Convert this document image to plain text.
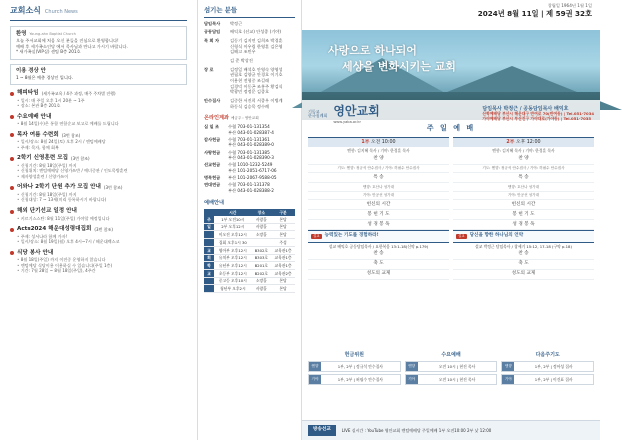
교회소식 Church News
환영 Young-ahn Baptist Church

오늘 주서교회에 처음 오신 분들을 진심으로 환영합니다!

예배 후 세가족소인당 에서 목사님과 만나고 가시기 바랍니다.

* 새가족실(VIP실) 센팀 B층 201호

이용 경상 안

1 ~ 8월은 예총 경상인 입니다.

해피타임 (새가족교육 / 4주 과정, 매주 주차별 진행)
• 일시: 매 주일 오후 1시 20분 ~ 1주
• 장소: 본관 B층 201호
수요예배 안내
• 8월 14일(수)은 통합 연합순교 보고로 예배를 드립니다
목자 여름 수련회 (3번 참조)
• 일시/장소: 8월 24일(토) 오후 2시 / 엔텀예배당
• 주제: 목자, 함께 회복
2학기 신영훈련 모집 (3번 참조)
• 신청기간: 8월 18일(주일) 까지
• 신청위치: 엔텀예배당 신영가쓰반 / 예녀중관 / 인도목방훈련
• 제자양성훈련 / 신양가쓰이
어와나 2학기 단원 추가 모집 안내 (3번 참조)
• 신청기간: 8월 18일(주일) 까지
• 신청대상: 7 ~ 13세(미리 등록하시기 바랍니다)
해외 단기선교 일정 안내
• 키르기스스탄: 8월 11일(주일) 가야할 예정입니다
Acts2024 해운대성령대집회 (3번 참조)
• 주제: 성서나라 함께 가자!
• 일시/장소: 8월 19일(월) 오후 4시~7시 / 해운대벡스코
식당 봉사 안내
• 8월 18일(주일) 까지 이전중 운영하지 않습니다
• 엔텀예당 식당이용 이용하실 수 있습니다(주일 1층)
• 기간: 7월 28일 ~ 8월 18일(주일), 4주간
섬기는 분들
담임목사	박정근
공동담임	배익호 (선교) 안성종 (기야)
목 회 자	김동기 김지연 김희조 박경훈
신형식 이우림 한영훈 김은영
김해고 조민우
김 준 박상진
장 로	김정일 배석호 안영숙 양영성
권필호 김양균 안경호 이기호
이용현 전형중 조길래
김경덕 이동곤 조홍주 황검식
박광민 정정문 김종호
안수집사	김중한 서진희 서종우 이병계
하동식 김승목 정수례
온라인계좌 예금주 : 영안교회
십 일 조	수협 703-01-131354
부산 043-01-028387-4
감사헌금	수협 703-01-131361
부산 043-01-028389-0
사랑헌금	수협 703-01-131385
부산 043-01-028390-3
선교헌금	수협 1010-1232-5249
부산 101-2051-6717-06
명목헌금	부산 101-2067-9588-05
연대연금	수협 703-01-131378
부산 043-01-028388-2
예배안내
	시간	장소	구분
주	1부 오전10시	사랑홀	본당
일	2부 오후12시	사랑홀	본당
	이오진 오후12시	소망홀	본당
	집회 오후1시 30		주성
교	영아부 오후12시	B302호	교육관1층
회	유치부 오후12시	B303호	교육관1층
학	유년부 오후12시	B201호	교육관1층
교	초등부 오후12시	B202호	교육관2층
	중고등 오후10시	소망홀	본당
	청년부 오후2시	사랑홀	본당
창립일 1964년 1월 1일
2024년 8월 11일 | 제 59권 32호
사랑으로 하나되어
세상을 변화시키는 교회
기독교
한국침례회 영안교회
www.yaba.or.kr
담임목사 박정근 / 공동담임목사 배익호
산학예배당 부산시 해운대구 반여로 70(반여동) | Tel.051-7034
가야예배당 부산시 부산진구 가야대로(가야동) | Tel.051-7035
주 일 예 배
1부 오전 10:00
엔향: 김지혜 목사 / 기야: 한경훈 목사
찬 양
기도: 엔향: 정규석 안수집사 / 기야: 허필수 안수집사
특 송
엔향: 호산나 성가대
기야: 만공선 성가대
헌신의 시간
봉 헌 기 도
성 경 봉 독
설교	능력있는 기도를 경험하라!
설교 배익호 공동담임목사 / 요한복음 13:1-18(신약 p.179)
찬 송
축 도
성도의 교제
2부 오후 12:00
엔향: 김지혜 목사 / 기야: 한경훈 목사
찬 양
기도: 엔향: 정규석 안수집사 / 기야: 허필수 안수집사
특 송
엔향: 호산나 성가대
기야: 만공선 성가대
헌신의 시간
봉 헌 기 도
성 경 봉 독
설교	당신을 향한 하나님의 언약
설교 박정근 담임목사 / 창세기 15:12, 17-18 (구약 p.18)
찬 송
축 도
성도의 교제
헌금위원
엔향	1부, 2부 | 정규석 안수집사
기야	1부, 2부 | 허필수 안수집사
수요예배
엔향	오전 10시 | 현진 목사
기야	오전 10시 | 현진 목사
다음주기도
엔향	1부, 2부 | 정아성 집사
기야	1부, 2부 | 이건표 집사
방송선교	LIVE 실시간 : YouTube 영안교회 엔텀예배당 주일예배 1부 오전10:00 2부 낮 12:00
